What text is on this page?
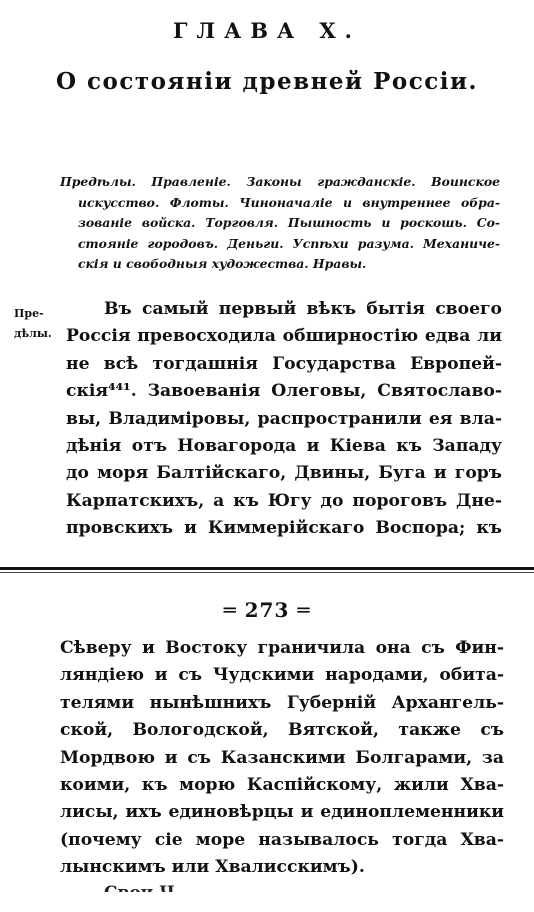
ГЛАВА X.
О состояніи древней Россіи.
Предѣлы. Правленіе. Законы гражданскіе. Воинское
искусство. Флоты. Чиноначаліе и внутреннее обра-
зованіе войска. Торговля. Пышность и роскошь. Со-
стояніе городовъ. Деньги. Успѣхи разума. Механиче-
скія и свободныя художества. Нравы.
Пре-
дѣлы.
Въ самый первый вѣкъ бытія своего
Россія превосходила обширностію едва ли
не всѣ тогдашнія Государства Европей-
скія⁴⁴¹. Завоеванія Олеговы, Святославо-
вы, Владиміровы, распространили ея вла-
дѣнія отъ Новагорода и Кіева къ Западу
до моря Балтійскаго, Двины, Буга и горъ
Карпатскихъ, а къ Югу до пороговъ Дне-
провскихъ и Киммерійскаго Воспора; къ
═ 273 ═
Сѣверу и Востоку граничила она съ Фин-
ляндіею и съ Чудскими народами, обита-
телями нынѣшнихъ Губерній Архангель-
ской, Вологодской, Вятской, также съ
Мордвою и съ Казанскими Болгарами, за
коими, къ морю Каспійскому, жили Хва-
лисы, ихъ единовѣрцы и единоплеменники
(почему сіе море называлось тогда Хва-
лынскимъ или Хвалисскимъ).
